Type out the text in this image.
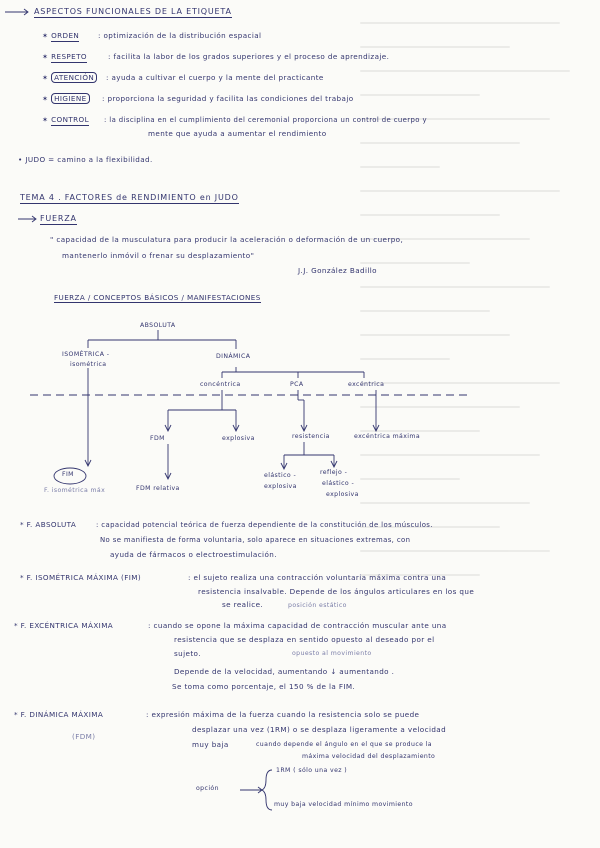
ASPECTOS FUNCIONALES DE LA ETIQUETA
✶ ORDEN	: optimización de la distribución espacial
✶ RESPETO	: facilita la labor de los grados superiores y el proceso de aprendizaje.
✶ ATENCIÓN	: ayuda a cultivar el cuerpo y la mente del practicante
✶ HIGIENE	: proporciona la seguridad y facilita las condiciones del trabajo
✶ CONTROL : la disciplina en el cumplimiento del ceremonial proporciona un control de cuerpo y
mente que ayuda a aumentar el rendimiento
• JUDO = camino a la flexibilidad.
TEMA 4 . FACTORES de RENDIMIENTO en JUDO
FUERZA
" capacidad de la musculatura para producir la aceleración o deformación de un cuerpo,
mantenerlo inmóvil o frenar su desplazamiento"
J.J. González Badillo
FUERZA / CONCEPTOS BÁSICOS / MANIFESTACIONES
ABSOLUTA
ISOMÉTRICA -
isométrica
DINÁMICA
concéntrica	PCA	excéntrica
FDM	explosiva	resistencia	excéntrica máxima
FIM
F. isométrica máx	FDM relativa
elástico -
explosiva
reflejo -
elástico -
explosiva
* F. ABSOLUTA	: capacidad potencial teórica de fuerza dependiente de la constitución de los músculos.
No se manifiesta de forma voluntaria, solo aparece en situaciones extremas, con
ayuda de fármacos o electroestimulación.
* F. ISOMÉTRICA MÁXIMA (FIM)	: el sujeto realiza una contracción voluntaria máxima contra una
resistencia insalvable. Depende de los ángulos articulares en los que
se realice.	posición estático
* F. EXCÉNTRICA MÁXIMA	: cuando se opone la máxima capacidad de contracción muscular ante una
resistencia que se desplaza en sentido opuesto al deseado por el
sujeto.	opuesto al movimiento
Depende de la velocidad, aumentando ↓ aumentando .
Se toma como porcentaje, el 150 % de la FIM.
* F. DINÁMICA MÁXIMA	: expresión máxima de la fuerza cuando la resistencia solo se puede
desplazar una vez (1RM) o se desplaza ligeramente a velocidad
muy baja	cuando depende el ángulo en el que se produce la
máxima velocidad del desplazamiento
(FDM)
opción
1RM ( sólo una vez )
muy baja velocidad mínimo movimiento
